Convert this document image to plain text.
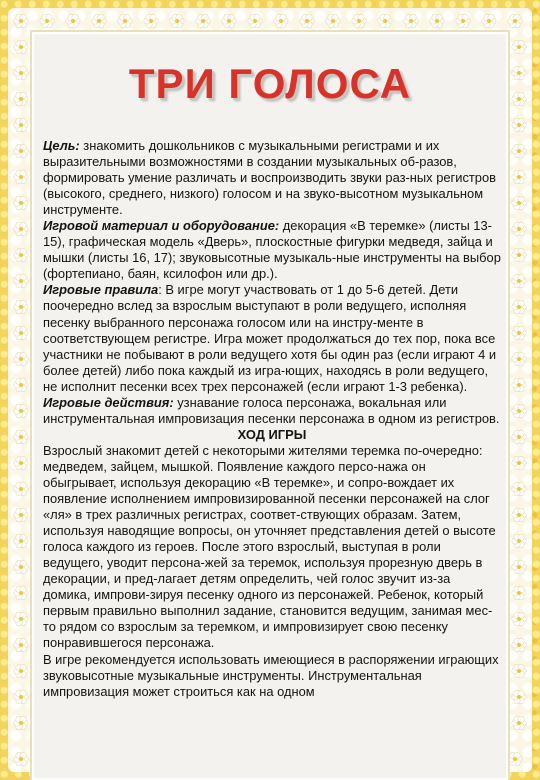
ТРИ ГОЛОСА

Цель: знакомить дошкольников с музыкальными регистрами и их выразительными возможностями в создании музыкальных об-разов, формировать умение различать и воспроизводить звуки раз-ных регистров (высокого, среднего, низкого) голосом и на звуко-высотном музыкальном инструменте.

Игровой материал и оборудование: декорация «В теремке» (листы 13-15), графическая модель «Дверь», плоскостные фигурки медведя, зайца и мышки (листы 16, 17); звуковысотные музыкаль-ные инструменты на выбор (фортепиано, баян, ксилофон или др.).

Игровые правила: В игре могут участвовать от 1 до 5-6 детей. Дети поочередно вслед за взрослым выступают в роли ведущего, исполняя песенку выбранного персонажа голосом или на инстру-менте в соответствующем регистре. Игра может продолжаться до тех пор, пока все участники не побывают в роли ведущего хотя бы один раз (если играют 4 и более детей) либо пока каждый из игра-ющих, находясь в роли ведущего, не исполнит песенки всех трех персонажей (если играют 1-3 ребенка).

Игровые действия: узнавание голоса персонажа, вокальная или инструментальная импровизация песенки персонажа в одном из регистров.

ХОД ИГРЫ

Взрослый знакомит детей с некоторыми жителями теремка по-очередно: медведем, зайцем, мышкой. Появление каждого персо-нажа он обыгрывает, используя декорацию «В теремке», и сопро-вождает их появление исполнением импровизированной песенки персонажей на слог «ля» в трех различных регистрах, соответ-ствующих образам. Затем, используя наводящие вопросы, он уточняет представления детей о высоте голоса каждого из героев. После этого взрослый, выступая в роли ведущего, уводит персона-жей за теремок, используя прорезную дверь в декорации, и пред-лагает детям определить, чей голос звучит из-за домика, импрови-зируя песенку одного из персонажей. Ребенок, который первым правильно выполнил задание, становится ведущим, занимая мес-то рядом со взрослым за теремком, и импровизирует свою песенку понравившегося персонажа.

В игре рекомендуется использовать имеющиеся в распоряжении играющих звуковысотные музыкальные инструменты. Инструментальная импровизация может строиться как на одном
